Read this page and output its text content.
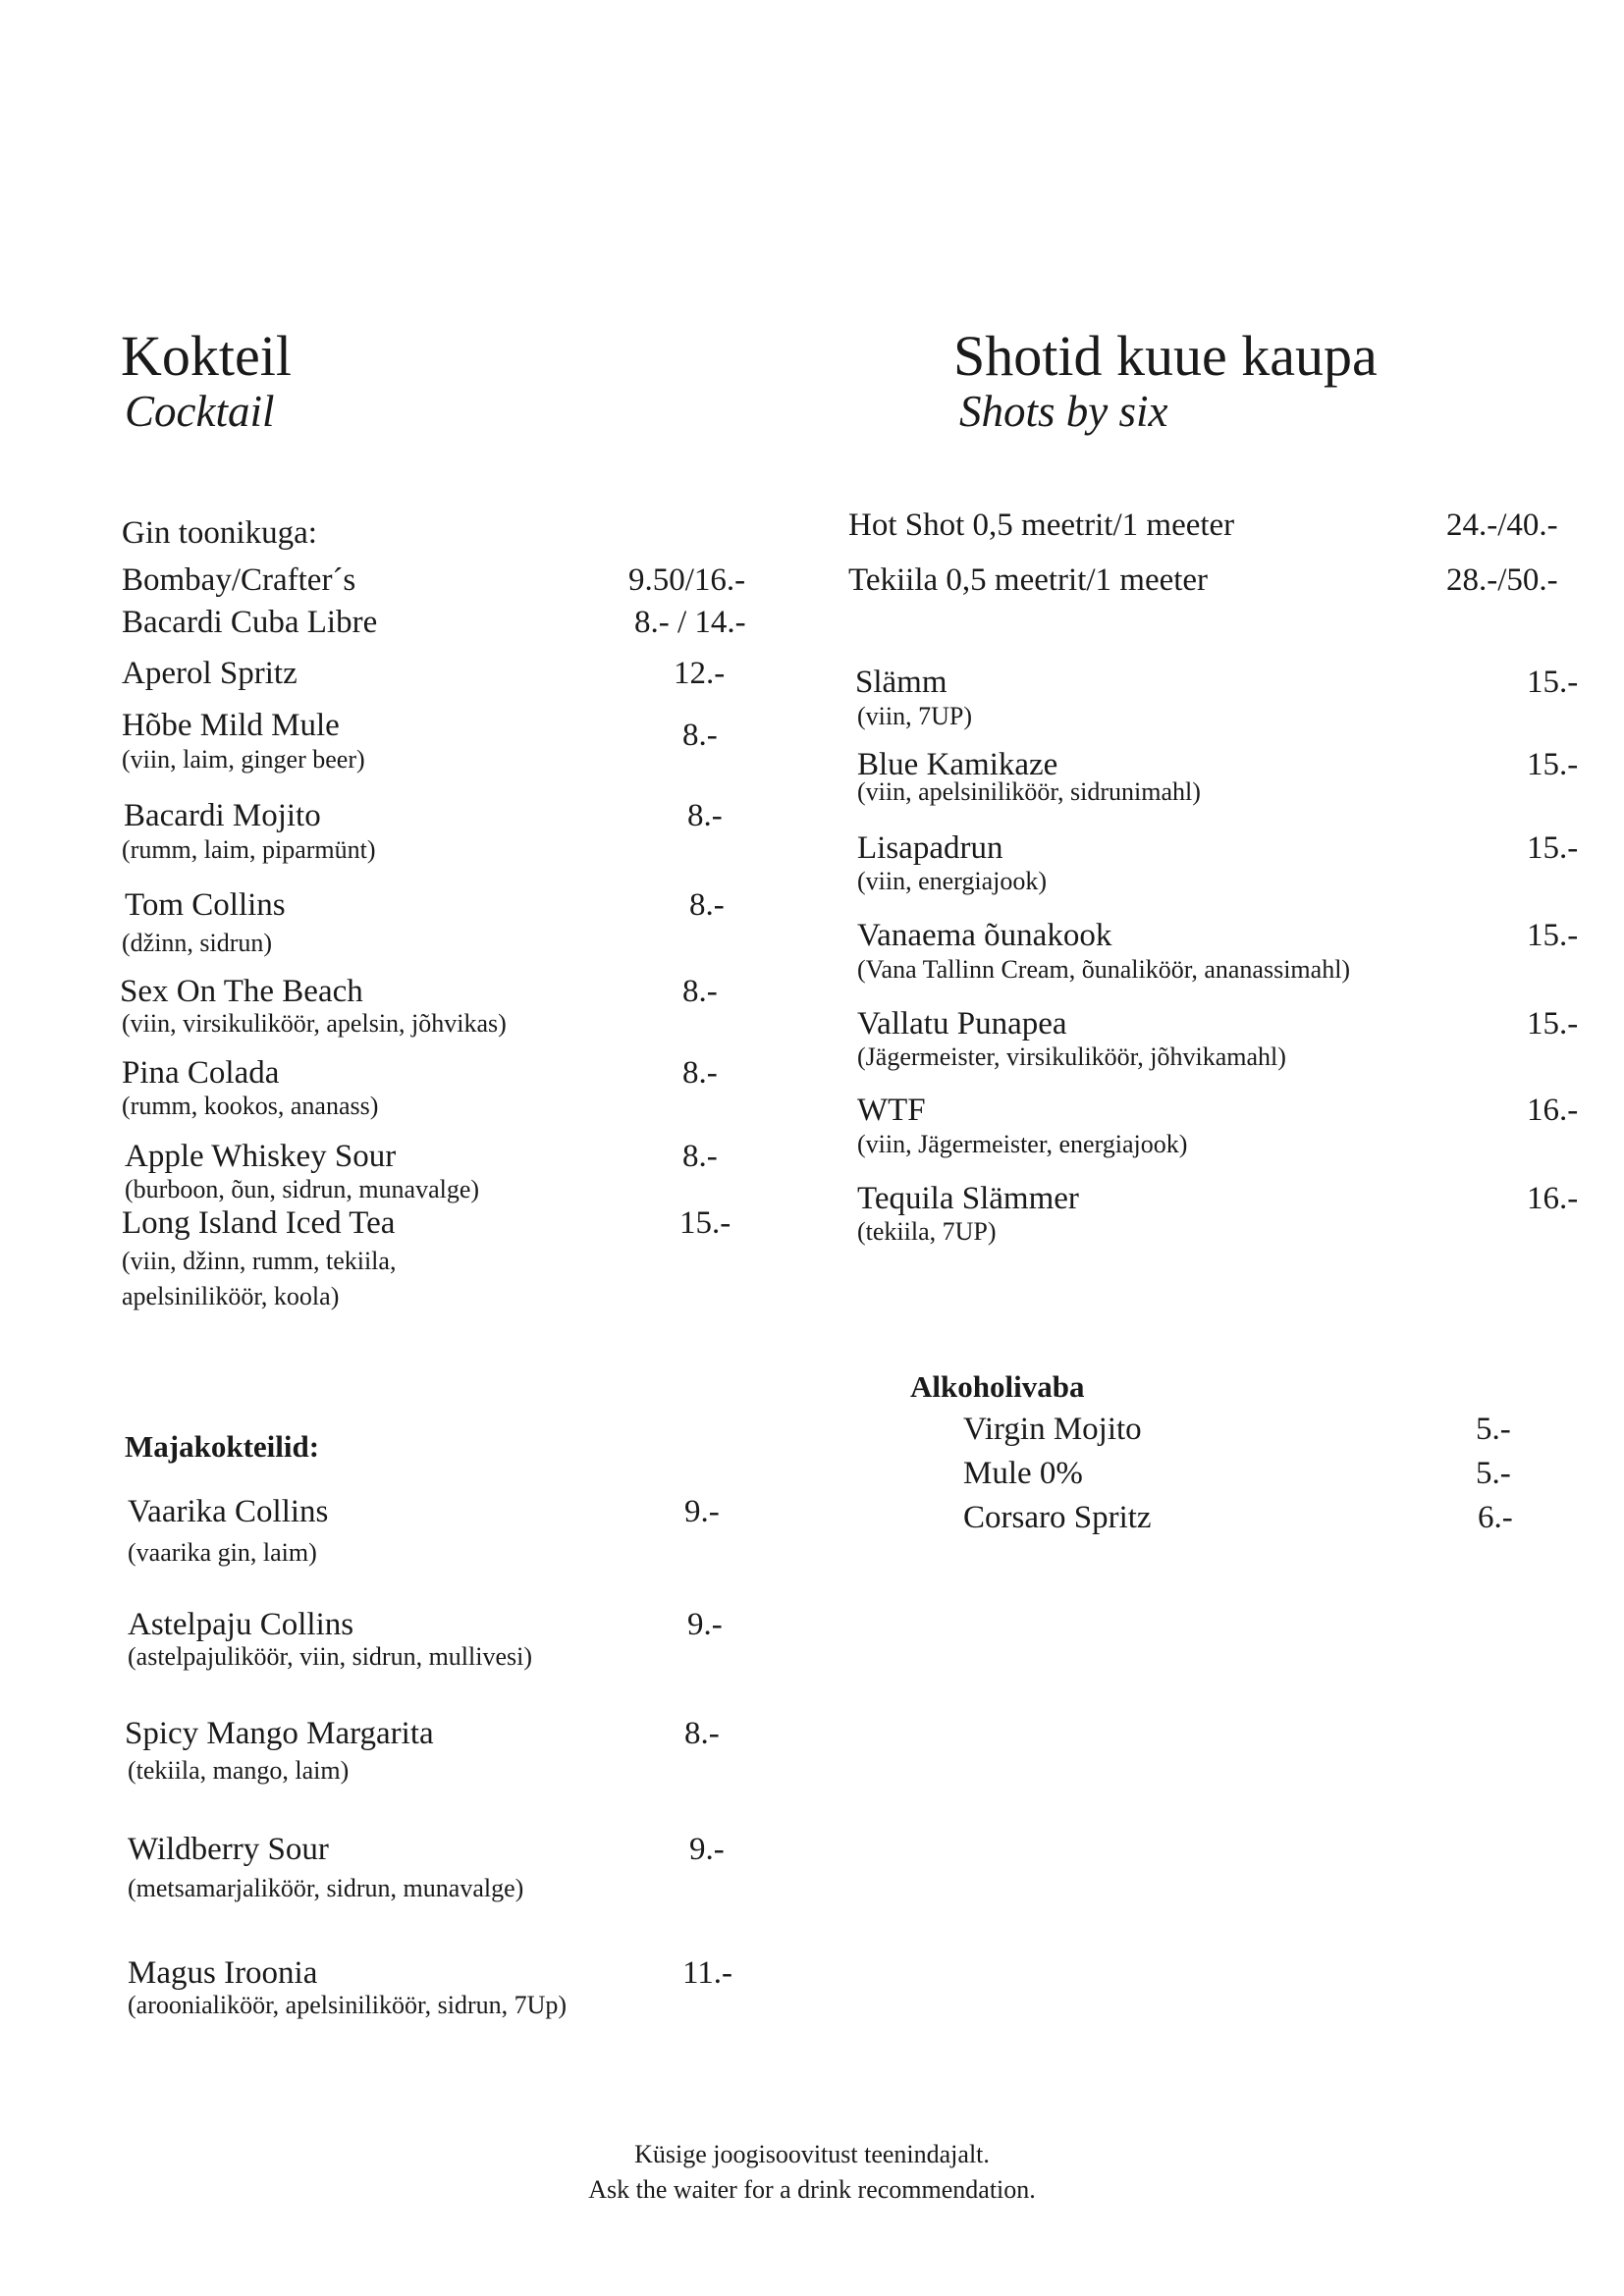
Kokteil
Cocktail
Gin toonikuga:
Bombay/Crafter´s	9.50/16.-
Bacardi Cuba Libre	8.- / 14.-
Aperol Spritz	12.-
Hõbe Mild Mule	8.-
(viin, laim, ginger beer)
Bacardi Mojito	8.-
(rumm, laim, piparmünt)
Tom Collins	8.-
(džinn, sidrun)
Sex On The Beach	8.-
(viin, virsikuliköör, apelsin, jõhvikas)
Pina Colada	8.-
(rumm, kookos, ananass)
Apple Whiskey Sour	8.-
(burboon, õun, sidrun, munavalge)
Long Island Iced Tea	15.-
(viin, džinn, rumm, tekiila,
apelsiniliköör, koola)
Majakokteilid:
Vaarika Collins	9.-
(vaarika gin, laim)
Astelpaju Collins	9.-
(astelpajuliköör, viin, sidrun, mullivesi)
Spicy Mango Margarita	8.-
(tekiila, mango, laim)
Wildberry Sour	9.-
(metsamarjaliköör, sidrun, munavalge)
Magus Iroonia	11.-
(aroonialiköör, apelsiniliköör, sidrun, 7Up)
Shotid kuue kaupa
Shots by six
Hot Shot 0,5 meetrit/1 meeter	24.-/40.-
Tekiila 0,5 meetrit/1 meeter	28.-/50.-
Slämm	15.-
(viin, 7UP)
Blue Kamikaze	15.-
(viin, apelsiniliköör, sidrunimahl)
Lisapadrun	15.-
(viin, energiajook)
Vanaema õunakook	15.-
(Vana Tallinn Cream, õunaliköör, ananassimahl)
Vallatu Punapea	15.-
(Jägermeister, virsikuliköör, jõhvikamahl)
WTF	16.-
(viin, Jägermeister, energiajook)
Tequila Slämmer	16.-
(tekiila, 7UP)
Alkoholivaba
Virgin Mojito	5.-
Mule 0%	5.-
Corsaro Spritz	6.-
Küsige joogisoovitust teenindajalt.
Ask the waiter for a drink recommendation.
